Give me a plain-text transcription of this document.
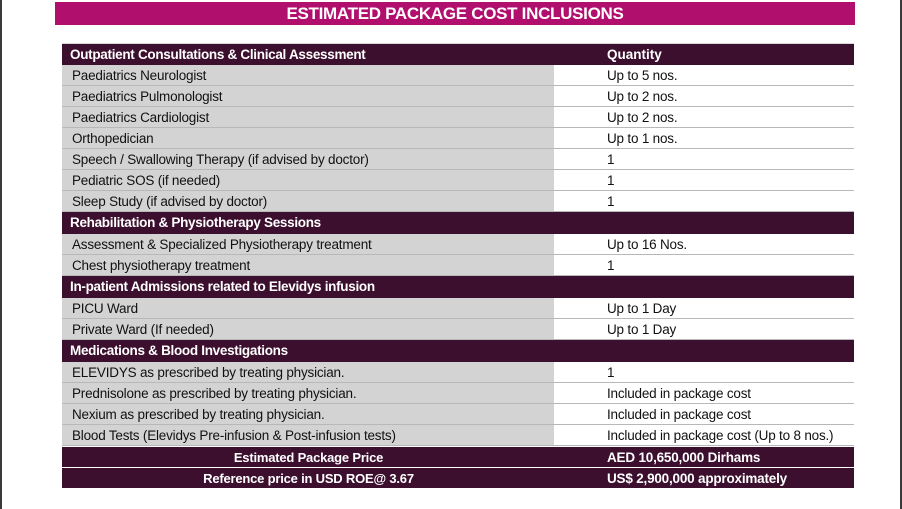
ESTIMATED PACKAGE COST INCLUSIONS
Outpatient Consultations & Clinical Assessment	Quantity
Paediatrics Neurologist	Up to 5 nos.
Paediatrics Pulmonologist	Up to 2 nos.
Paediatrics Cardiologist	Up to 2 nos.
Orthopedician	Up to 1 nos.
Speech / Swallowing Therapy (if advised by doctor)	1
Pediatric SOS (if needed)	1
Sleep Study (if advised by doctor)	1
Rehabilitation & Physiotherapy Sessions
Assessment & Specialized Physiotherapy treatment	Up to 16 Nos.
Chest physiotherapy treatment	1
In-patient Admissions related to Elevidys infusion
PICU Ward	Up to 1 Day
Private Ward (If needed)	Up to 1 Day
Medications & Blood Investigations
ELEVIDYS as prescribed by treating physician.	1
Prednisolone as prescribed by treating physician.	Included in package cost
Nexium as prescribed by treating physician.	Included in package cost
Blood Tests (Elevidys Pre-infusion & Post-infusion tests)	Included in package cost (Up to 8 nos.)
Estimated Package Price	AED 10,650,000 Dirhams
Reference price in USD ROE@ 3.67	US$ 2,900,000 approximately
